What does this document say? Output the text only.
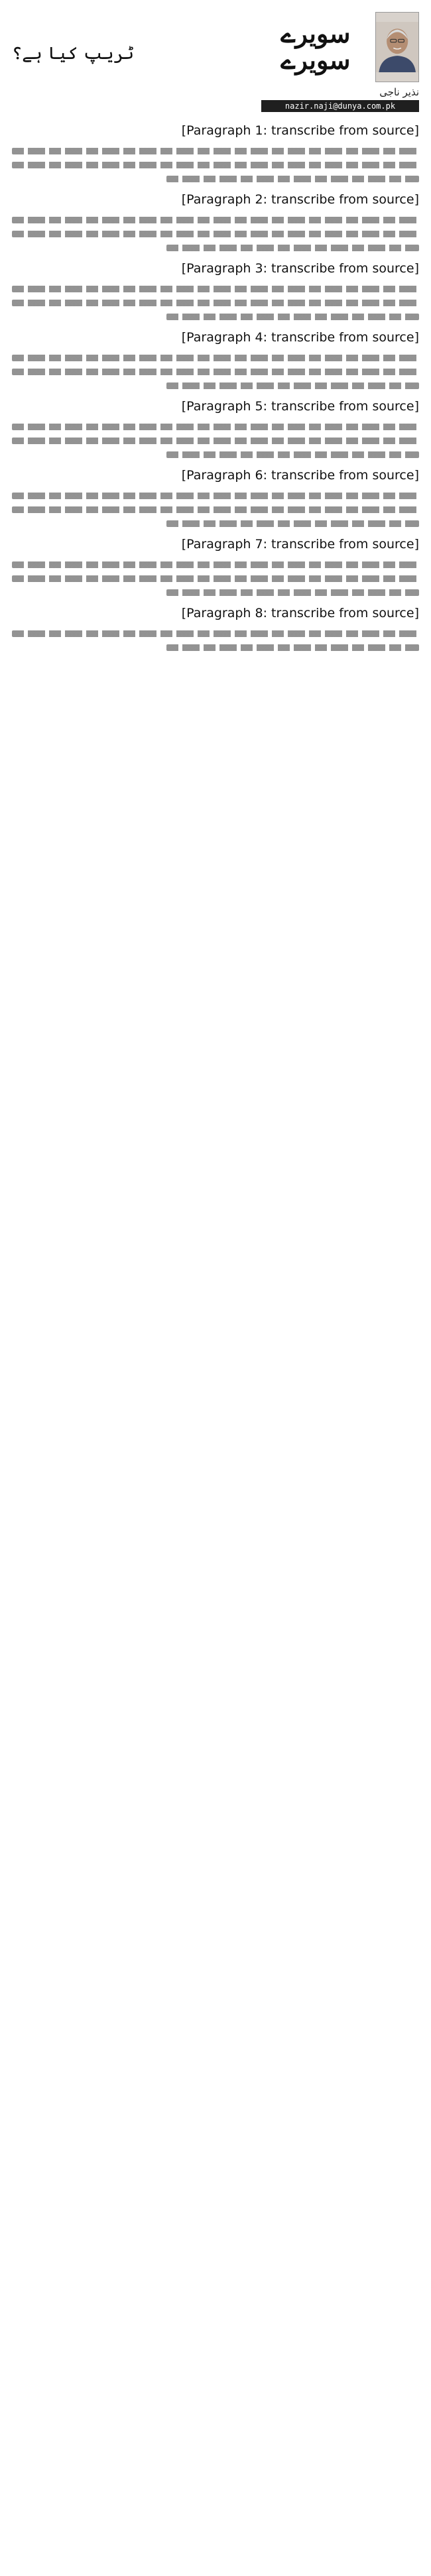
سویرے سویرے
نذیر ناجی
nazir.naji@dunya.com.pk
ٹریپ کیا ہے؟

[Paragraph 1: transcribe from source]

[Paragraph 2: transcribe from source]

[Paragraph 3: transcribe from source]

[Paragraph 4: transcribe from source]

[Paragraph 5: transcribe from source]

[Paragraph 6: transcribe from source]

[Paragraph 7: transcribe from source]

[Paragraph 8: transcribe from source]
